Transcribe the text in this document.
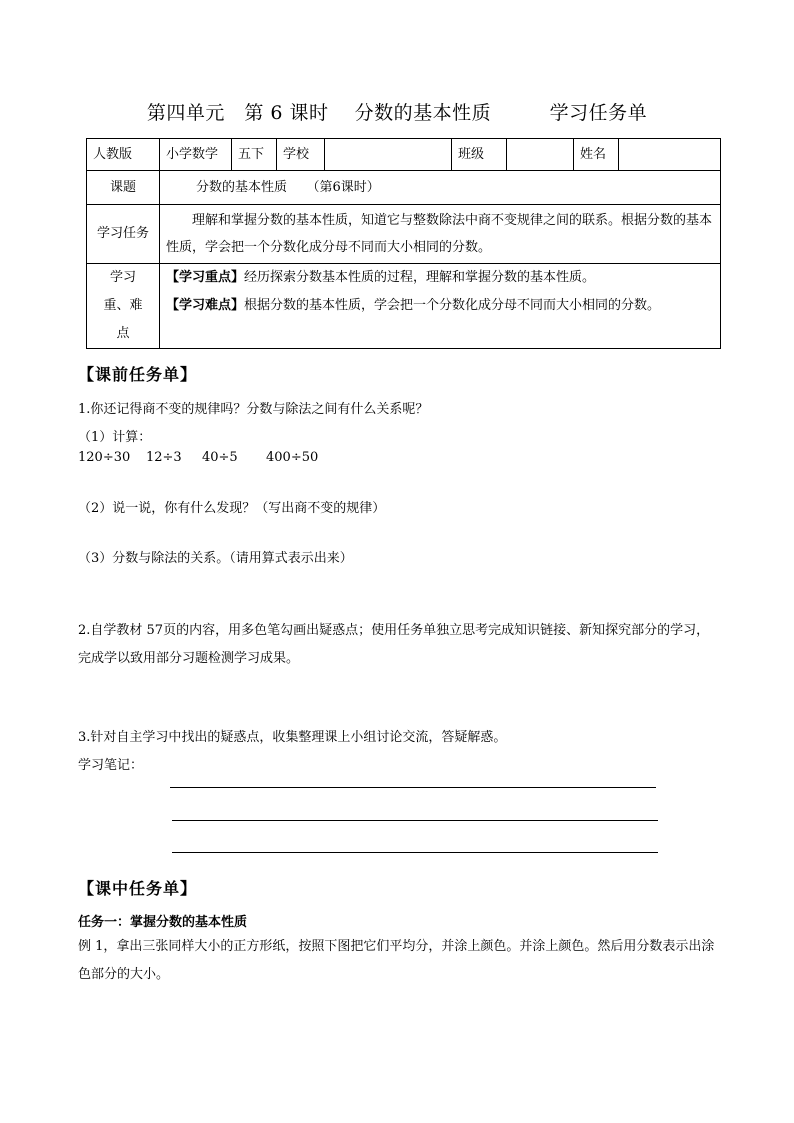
第四单元　第 6 课时　 分数的基本性质　　　学习任务单
人教版	小学数学	五下	学校		班级		姓名	
课题	分数的基本性质　　（第6课时）							
学习任务	理解和掌握分数的基本性质，知道它与整数除法中商不变规律之间的联系。根据分数的基本性质，学会把一个分数化成分母不同而大小相同的分数。							
学习重、难点	【学习重点】经历探索分数基本性质的过程，理解和掌握分数的基本性质。
【学习难点】根据分数的基本性质，学会把一个分数化成分母不同而大小相同的分数。							
【课前任务单】
1.你还记得商不变的规律吗？分数与除法之间有什么关系呢？
（1）计算：
120÷30 12÷3 40÷5 400÷50
（2）说一说，你有什么发现？（写出商不变的规律）
（3）分数与除法的关系。（请用算式表示出来）
2.自学教材 57页的内容，用多色笔勾画出疑惑点；使用任务单独立思考完成知识链接、新知探究部分的学习，完成学以致用部分习题检测学习成果。
3.针对自主学习中找出的疑惑点，收集整理课上小组讨论交流，答疑解惑。
学习笔记：
【课中任务单】
任务一：掌握分数的基本性质
例 1，拿出三张同样大小的正方形纸，按照下图把它们平均分，并涂上颜色。并涂上颜色。然后用分数表示出涂色部分的大小。
